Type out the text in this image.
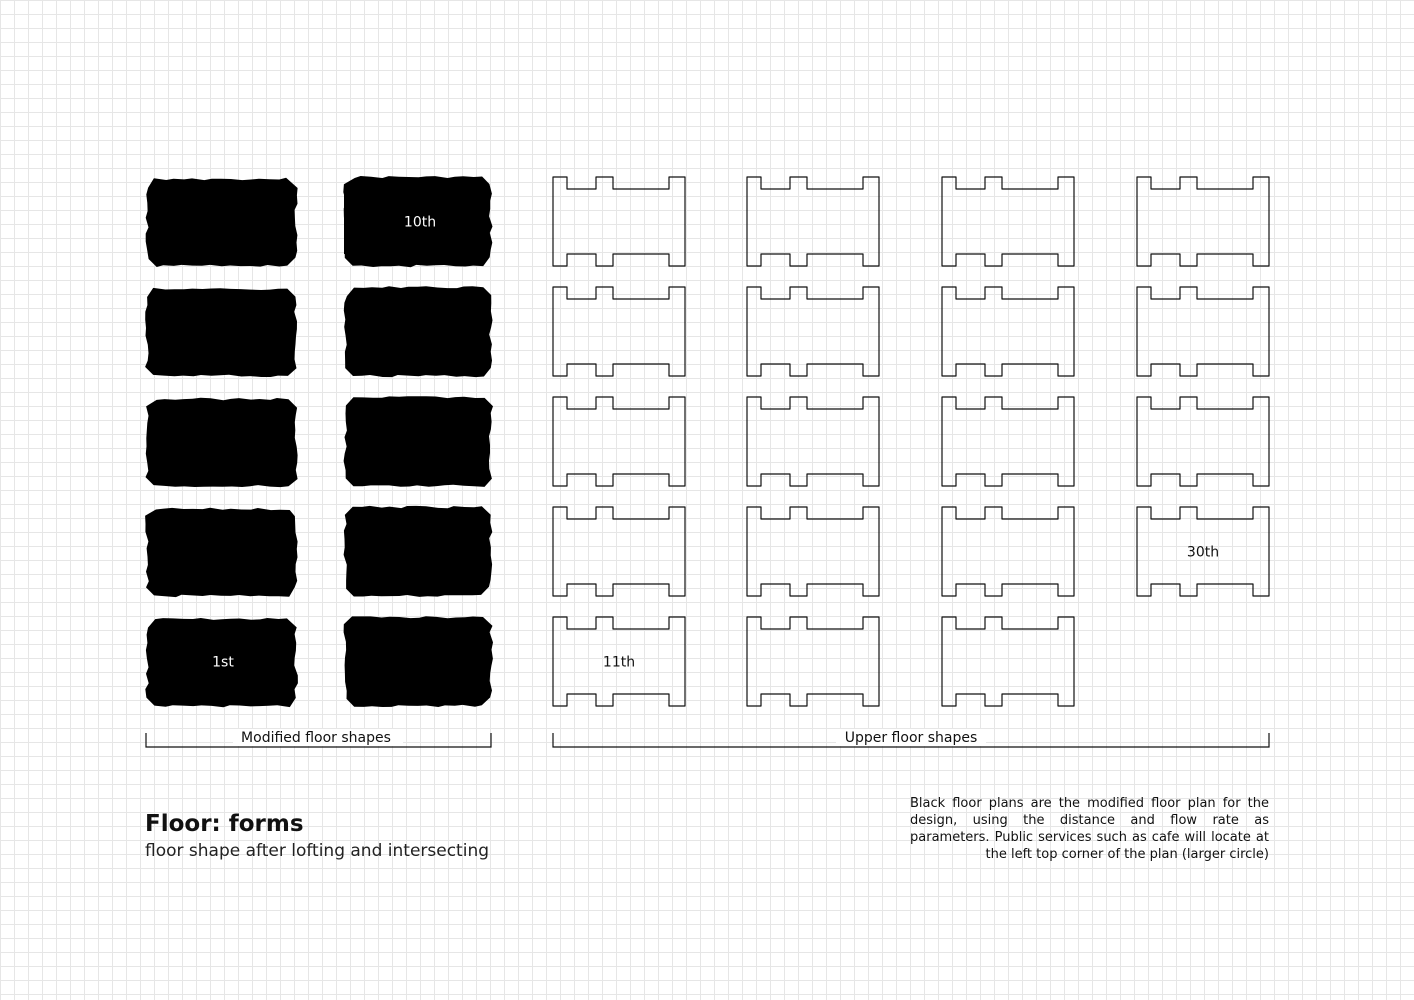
1st
10th
11th
30th
Modified floor shapes	Upper floor shapes
Floor: forms
floor shape after lofting and intersecting
Black floor plans are the modified floor plan for the design, using the distance and flow rate as parameters. Public services such as cafe will locate at the left top corner of the plan (larger circle)
